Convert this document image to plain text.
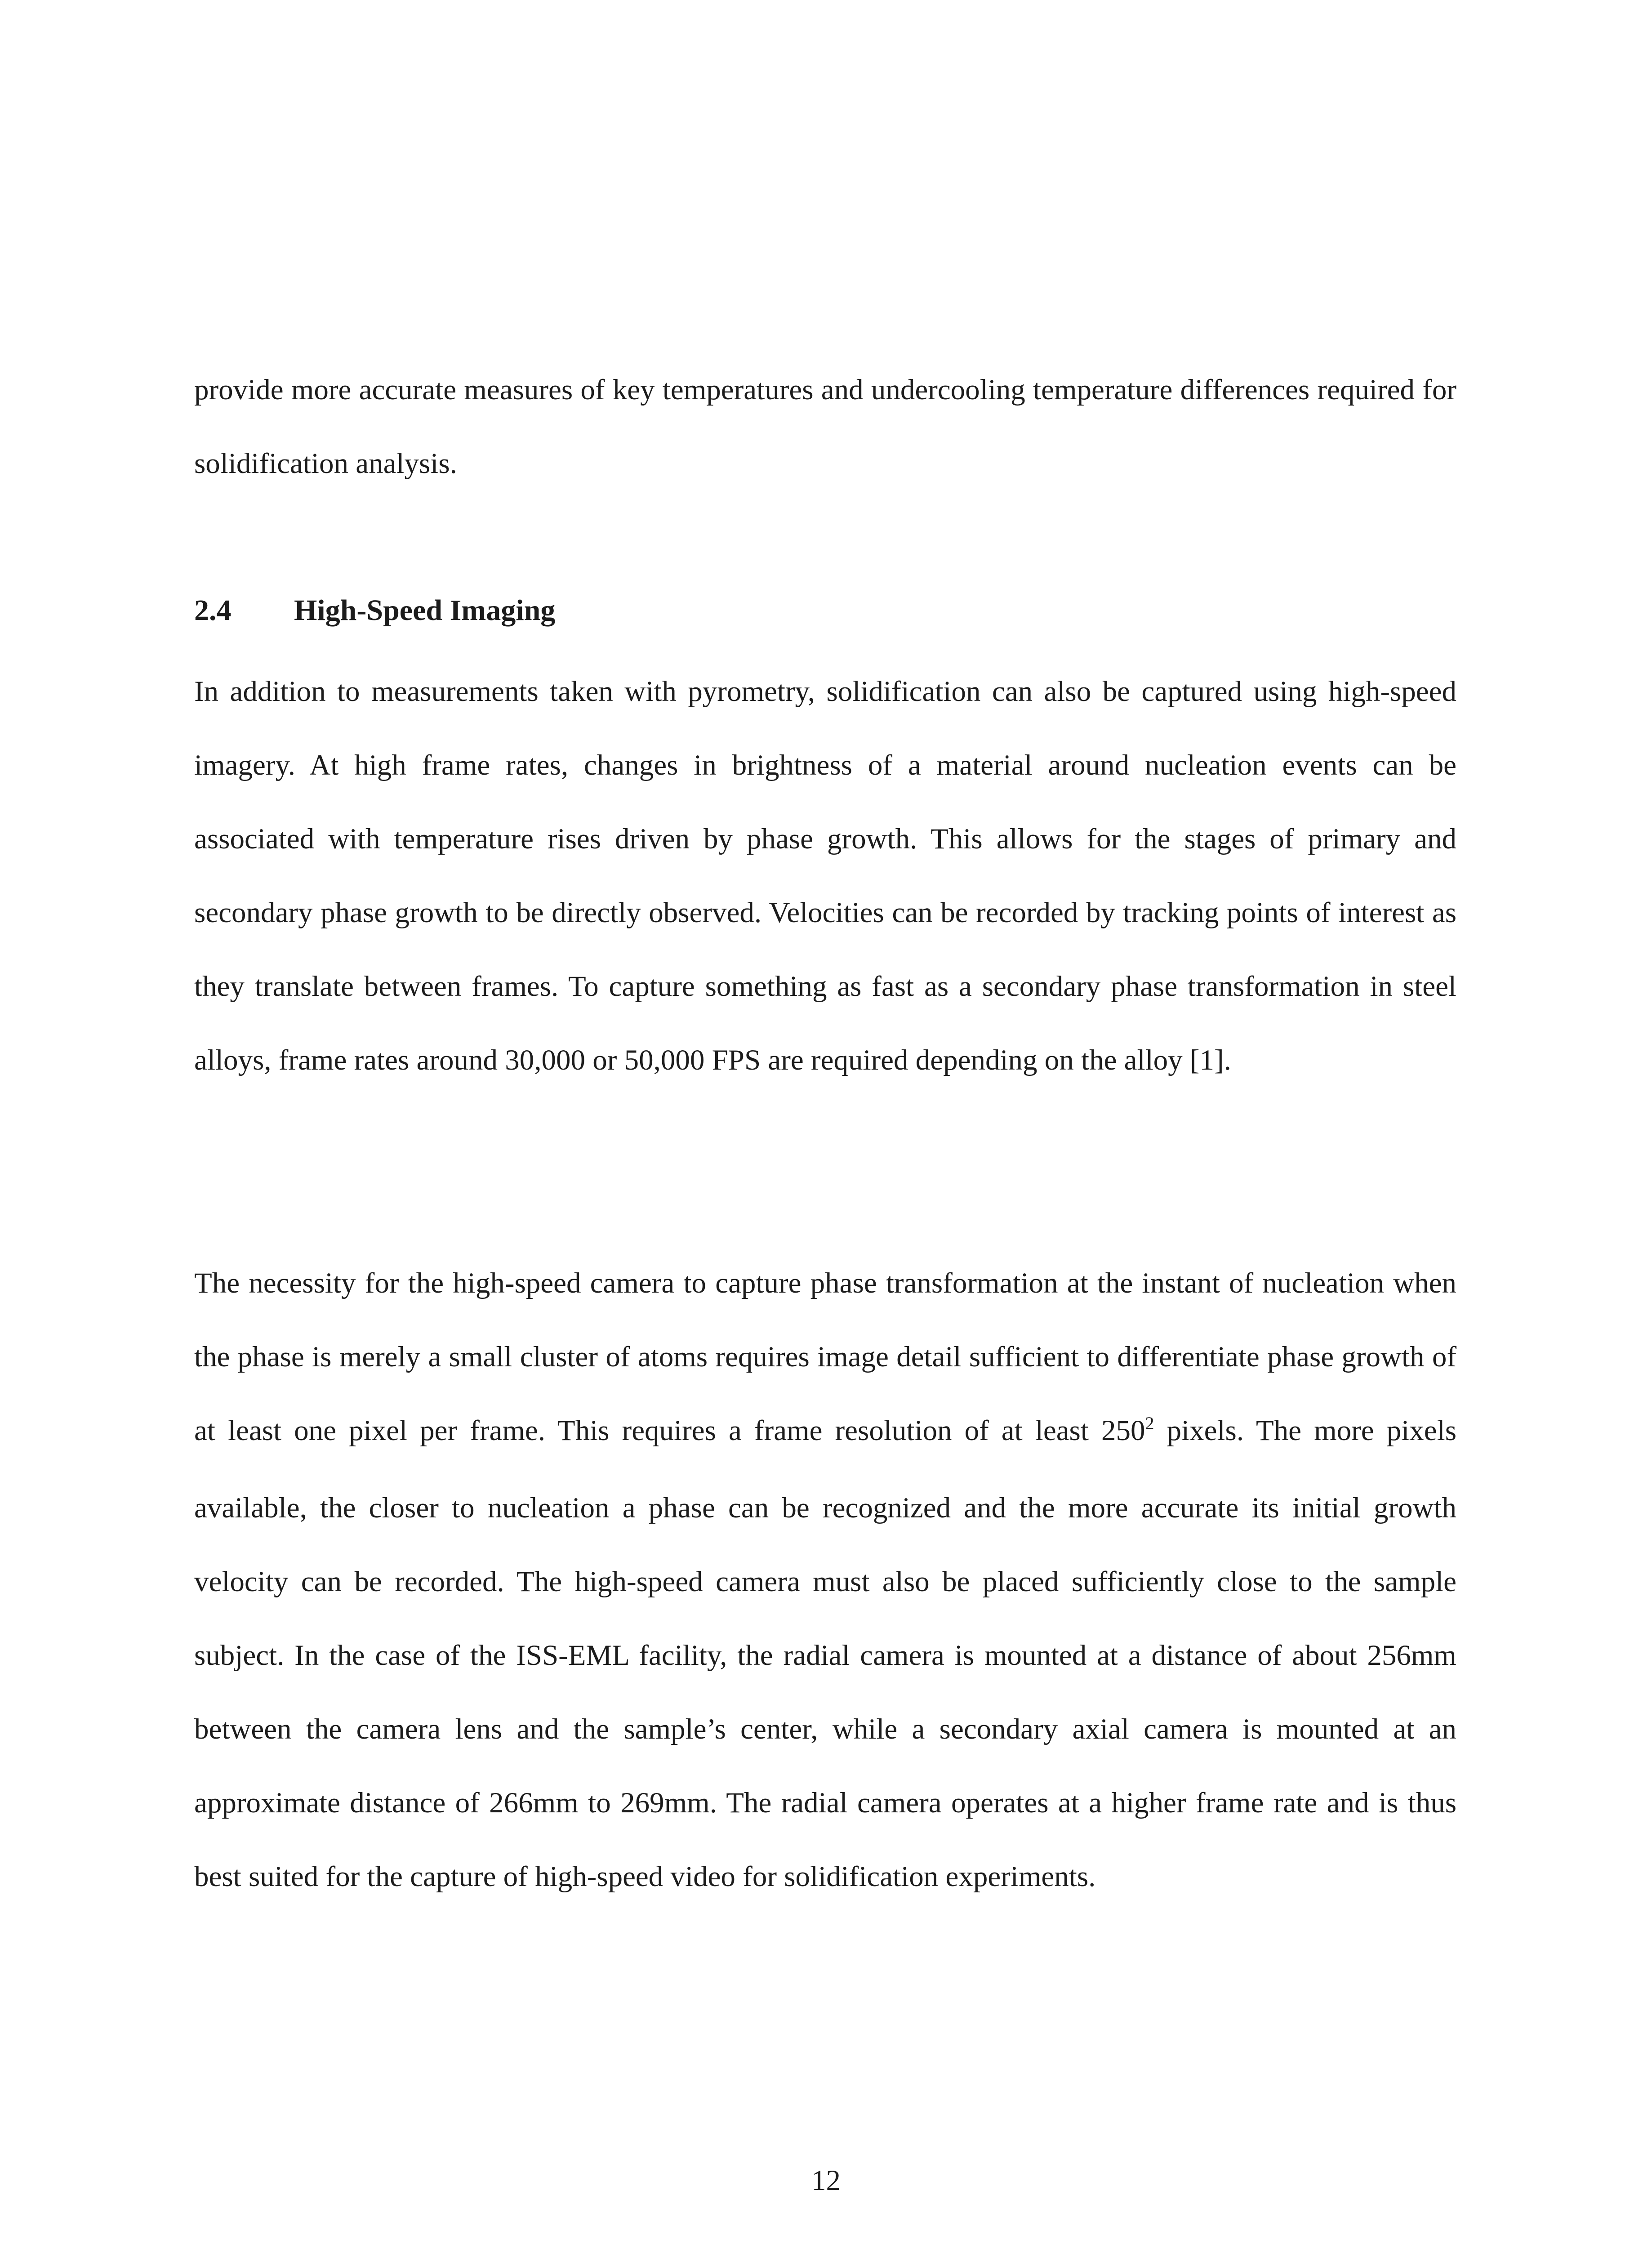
provide more accurate measures of key temperatures and undercooling temperature differences required for solidification analysis.

2.4 High-Speed Imaging

In addition to measurements taken with pyrometry, solidification can also be captured using high-speed imagery. At high frame rates, changes in brightness of a material around nucleation events can be associated with temperature rises driven by phase growth. This allows for the stages of primary and secondary phase growth to be directly observed. Velocities can be recorded by tracking points of interest as they translate between frames. To capture something as fast as a secondary phase transformation in steel alloys, frame rates around 30,000 or 50,000 FPS are required depending on the alloy [1].

The necessity for the high-speed camera to capture phase transformation at the instant of nucleation when the phase is merely a small cluster of atoms requires image detail sufficient to differentiate phase growth of at least one pixel per frame. This requires a frame resolution of at least $250^2$ pixels. The more pixels available, the closer to nucleation a phase can be recognized and the more accurate its initial growth velocity can be recorded. The high-speed camera must also be placed sufficiently close to the sample subject. In the case of the ISS-EML facility, the radial camera is mounted at a distance of about 256mm between the camera lens and the sample’s center, while a secondary axial camera is mounted at an approximate distance of 266mm to 269mm. The radial camera operates at a higher frame rate and is thus best suited for the capture of high-speed video for solidification experiments.

12
